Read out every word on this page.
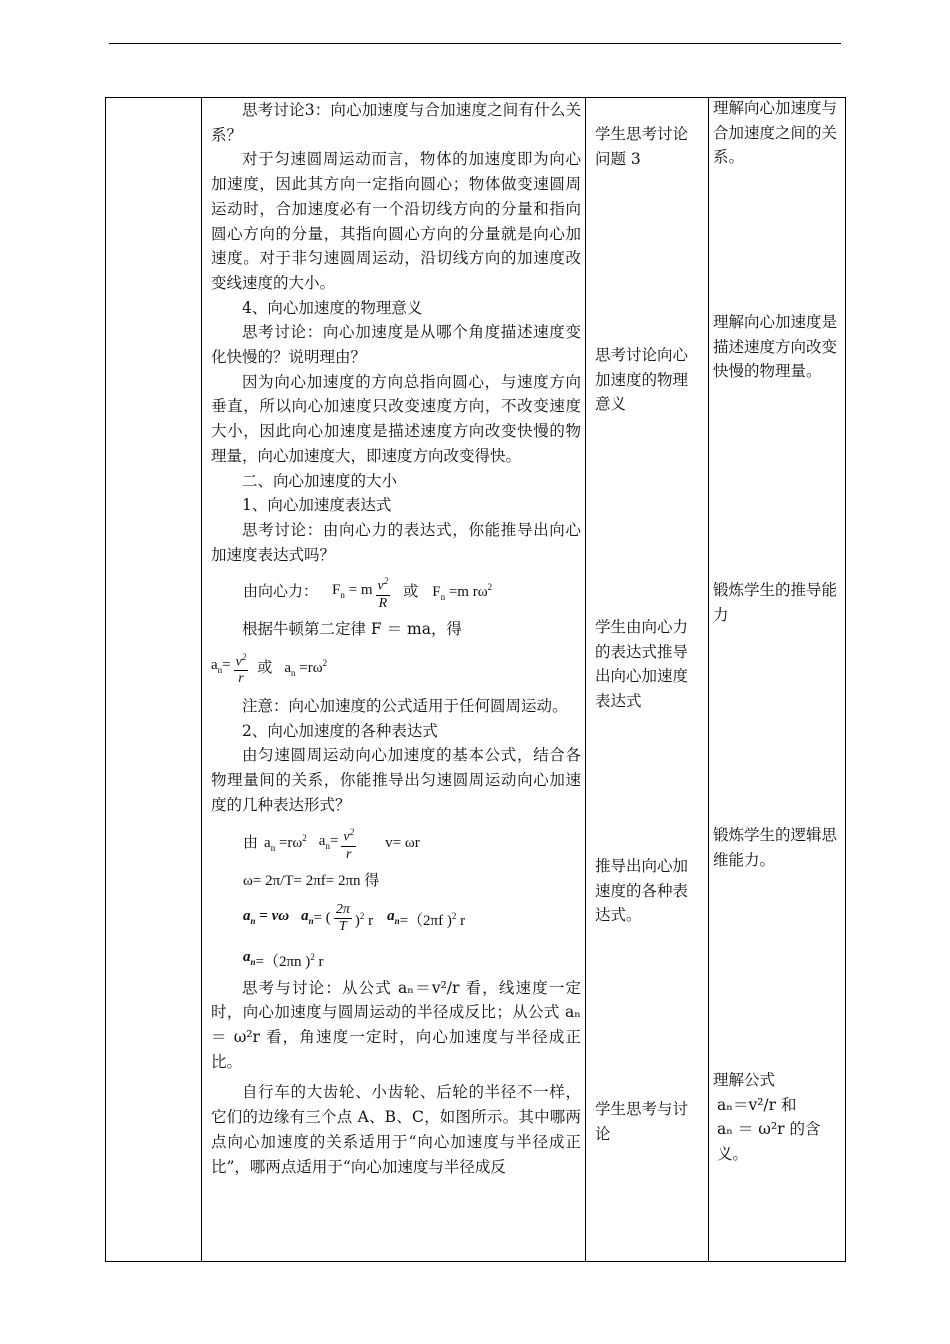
思考讨论3：向心加速度与合加速度之间有什么关系？

对于匀速圆周运动而言，物体的加速度即为向心加速度，因此其方向一定指向圆心；物体做变速圆周运动时，合加速度必有一个沿切线方向的分量和指向圆心方向的分量，其指向圆心方向的分量就是向心加速度。对于非匀速圆周运动，沿切线方向的加速度改变线速度的大小。

4、向心加速度的物理意义

思考讨论：向心加速度是从哪个角度描述速度变化快慢的？说明理由？

因为向心加速度的方向总指向圆心，与速度方向垂直，所以向心加速度只改变速度方向，不改变速度大小，因此向心加速度是描述速度方向改变快慢的物理量，向心加速度大，即速度方向改变得快。

二、向心加速度的大小

1、向心加速度表达式

思考讨论：由向心力的表达式，你能推导出向心加速度表达式吗？

由向心力： $F_n = m \frac{v^2}{R}$ 或 $F_n =m$ $r\omega^2$

根据牛顿第二定律 F ＝ ma，得

$a_n= \frac{v^2}{r}$ 或 $a_n =r\omega^2$

注意：向心加速度的公式适用于任何圆周运动。

2、向心加速度的各种表达式

由匀速圆周运动向心加速度的基本公式，结合各物理量间的关系，你能推导出匀速圆周运动向心加速度的几种表达形式？

由 $a_n =r\omega^2$ $a_n= \frac{v^2}{r} v= \omega r$
ω= 2π/T= 2πf= 2πn 得
$a_n = v\omega$ $a_n$ = ( $\frac{2\pi}{T} )^2$ r $a_n =(2\pi f$ )$^2$ r
$a_n =(2\pi n$ )$^2$ r

思考与讨论：从公式 aₙ＝v²/r 看，线速度一定时，向心加速度与圆周运动的半径成反比；从公式 aₙ ＝ ω²r 看，角速度一定时，向心加速度与半径成正比。

自行车的大齿轮、小齿轮、后轮的半径不一样，它们的边缘有三个点 A、B、C，如图所示。其中哪两点向心加速度的关系适用于“向心加速度与半径成正比”，哪两点适用于“向心加速度与半径成反

学生思考讨论问题 3

思考讨论向心加速度的物理意义

学生由向心力的表达式推导出向心加速度表达式

推导出向心加速度的各种表达式。

学生思考与讨论

理解向心加速度与合加速度之间的关系。

理解向心加速度是描述速度方向改变快慢的物理量。

锻炼学生的推导能力

锻炼学生的逻辑思维能力。

理解公式

aₙ＝v²/r 和

aₙ ＝ ω²r 的含义。
